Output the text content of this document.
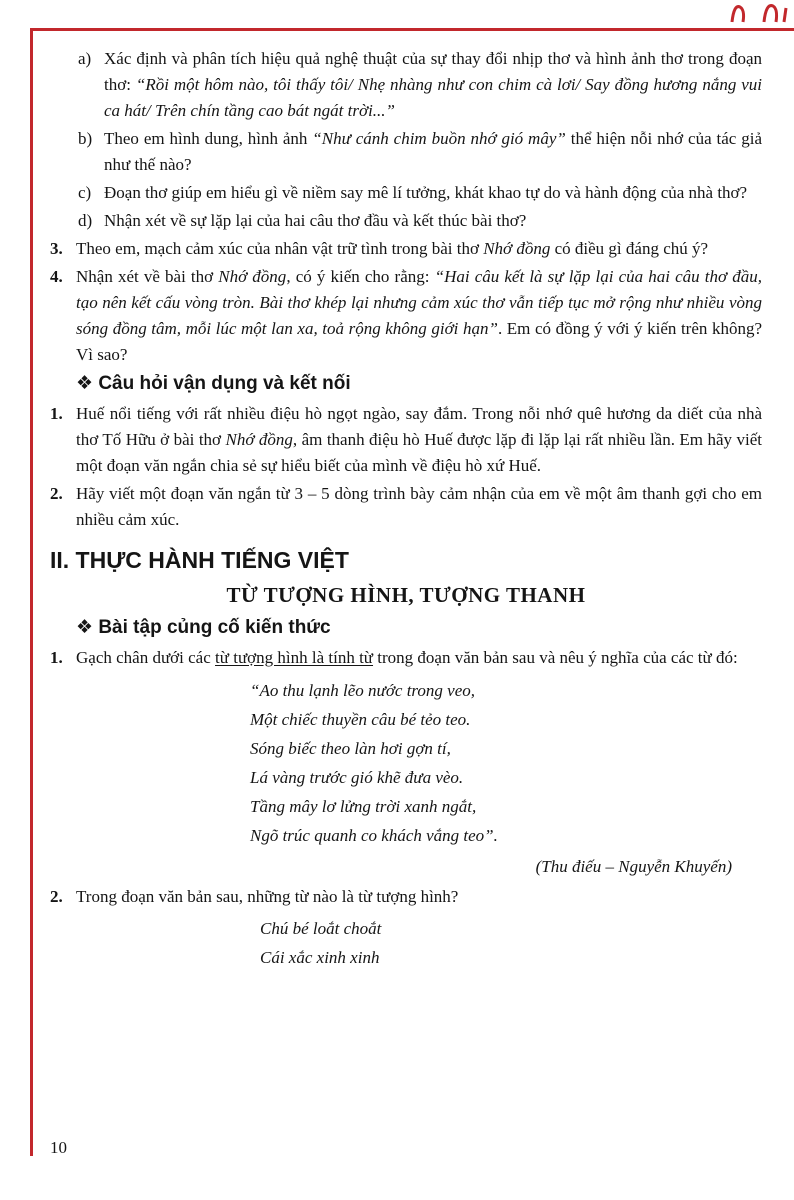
a) Xác định và phân tích hiệu quả nghệ thuật của sự thay đổi nhịp thơ và hình ảnh thơ trong đoạn thơ: “Rồi một hôm nào, tôi thấy tôi/ Nhẹ nhàng như con chim cà lơi/ Say đồng hương nắng vui ca hát/ Trên chín tầng cao bát ngát trời...”

b) Theo em hình dung, hình ảnh “Như cánh chim buồn nhớ gió mây” thể hiện nỗi nhớ của tác giả như thế nào?

c) Đoạn thơ giúp em hiểu gì về niềm say mê lí tưởng, khát khao tự do và hành động của nhà thơ?

d) Nhận xét về sự lặp lại của hai câu thơ đầu và kết thúc bài thơ?

3. Theo em, mạch cảm xúc của nhân vật trữ tình trong bài thơ Nhớ đồng có điều gì đáng chú ý?

4. Nhận xét về bài thơ Nhớ đồng, có ý kiến cho rằng: “Hai câu kết là sự lặp lại của hai câu thơ đầu, tạo nên kết cấu vòng tròn. Bài thơ khép lại nhưng cảm xúc thơ vẫn tiếp tục mở rộng như nhiều vòng sóng đồng tâm, mỗi lúc một lan xa, toả rộng không giới hạn”. Em có đồng ý với ý kiến trên không? Vì sao?

❖ Câu hỏi vận dụng và kết nối

1. Huế nổi tiếng với rất nhiều điệu hò ngọt ngào, say đắm. Trong nỗi nhớ quê hương da diết của nhà thơ Tố Hữu ở bài thơ Nhớ đồng, âm thanh điệu hò Huế được lặp đi lặp lại rất nhiều lần. Em hãy viết một đoạn văn ngắn chia sẻ sự hiểu biết của mình về điệu hò xứ Huế.

2. Hãy viết một đoạn văn ngắn từ 3 – 5 dòng trình bày cảm nhận của em về một âm thanh gợi cho em nhiều cảm xúc.

II. THỰC HÀNH TIẾNG VIỆT
TỪ TƯỢNG HÌNH, TƯỢNG THANH
❖ Bài tập củng cố kiến thức

1. Gạch chân dưới các từ tượng hình là tính từ trong đoạn văn bản sau và nêu ý nghĩa của các từ đó:

“Ao thu lạnh lẽo nước trong veo,
Một chiếc thuyền câu bé tẻo teo.
Sóng biếc theo làn hơi gợn tí,
Lá vàng trước gió khẽ đưa vèo.
Tầng mây lơ lửng trời xanh ngắt,
Ngõ trúc quanh co khách vắng teo”.
(Thu điếu – Nguyễn Khuyến)

2. Trong đoạn văn bản sau, những từ nào là từ tượng hình?

Chú bé loắt choắt
Cái xắc xinh xinh
10
